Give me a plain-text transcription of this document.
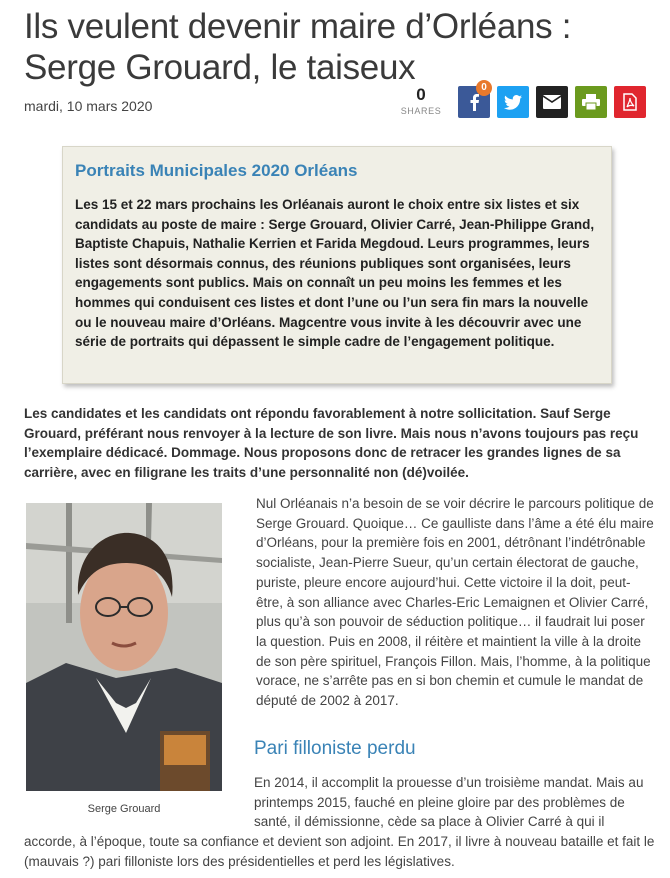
Ils veulent devenir maire d’Orléans : Serge Grouard, le taiseux
mardi, 10 mars 2020
0
SHARES
0
Portraits Municipales 2020 Orléans

Les 15 et 22 mars prochains les Orléanais auront le choix entre six listes et six candidats au poste de maire : Serge Grouard, Olivier Carré, Jean-Philippe Grand, Baptiste Chapuis, Nathalie Kerrien et Farida Megdoud. Leurs programmes, leurs listes sont désormais connus, des réunions publiques sont organisées, leurs engagements sont publics. Mais on connaît un peu moins les femmes et les hommes qui conduisent ces listes et dont l’une ou l’un sera fin mars la nouvelle ou le nouveau maire d’Orléans. Magcentre vous invite à les découvrir avec une série de portraits qui dépassent le simple cadre de l’engagement politique.

Les candidates et les candidats ont répondu favorablement à notre sollicitation. Sauf Serge Grouard, préférant nous renvoyer à la lecture de son livre. Mais nous n’avons toujours pas reçu l’exemplaire dédicacé. Dommage. Nous proposons donc de retracer les grandes lignes de sa carrière, avec en filigrane les traits d’une personnalité non (dé)voilée.

Serge Grouard

Nul Orléanais n’a besoin de se voir décrire le parcours politique de Serge Grouard. Quoique… Ce gaulliste dans l’âme a été élu maire d’Orléans, pour la première fois en 2001, détrônant l’indétrônable socialiste, Jean-Pierre Sueur, qu’un certain électorat de gauche, puriste, pleure encore aujourd’hui. Cette victoire il la doit, peut-être, à son alliance avec Charles-Eric Lemaignen et Olivier Carré, plus qu’à son pouvoir de séduction politique… il faudrait lui poser la question. Puis en 2008, il réitère et maintient la ville à la droite de son père spirituel, François Fillon. Mais, l’homme, à la politique vorace, ne s’arrête pas en si bon chemin et cumule le mandat de député de 2002 à 2017.

Pari filloniste perdu

En 2014, il accomplit la prouesse d’un troisième mandat. Mais au printemps 2015, fauché en pleine gloire par des problèmes de santé, il démissionne, cède sa place à Olivier Carré à qui il

accorde, à l’époque, toute sa confiance et devient son adjoint. En 2017, il livre à nouveau bataille et fait le (mauvais ?) pari filloniste lors des présidentielles et perd les législatives.
